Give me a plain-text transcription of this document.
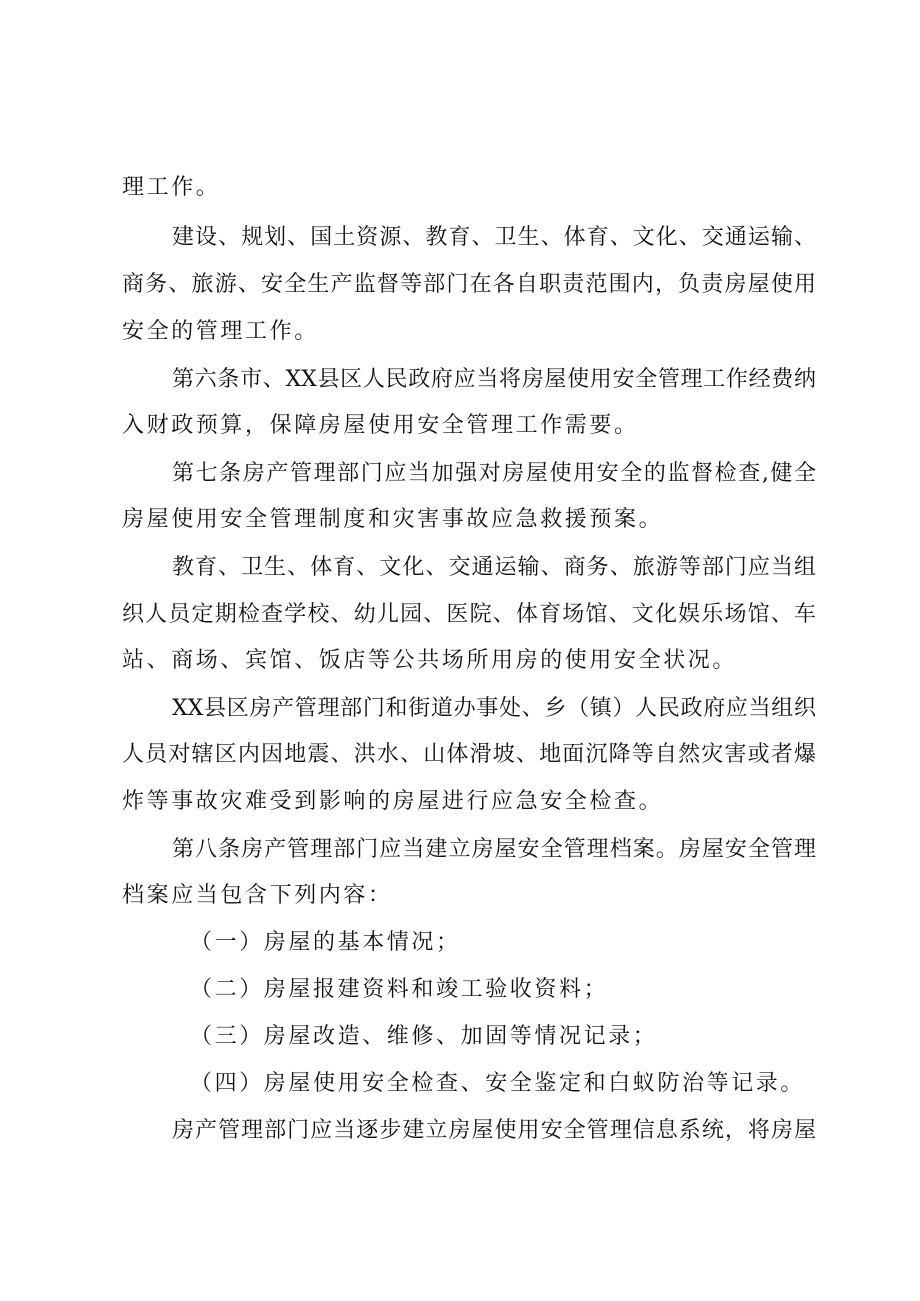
理工作。
建设、规划、国土资源、教育、卫生、体育、文化、交通运输、
商务、旅游、安全生产监督等部门在各自职责范围内，负责房屋使用
安全的管理工作。
第六条市、XX县区人民政府应当将房屋使用安全管理工作经费纳
入财政预算，保障房屋使用安全管理工作需要。
第七条房产管理部门应当加强对房屋使用安全的监督检查,健全
房屋使用安全管理制度和灾害事故应急救援预案。
教育、卫生、体育、文化、交通运输、商务、旅游等部门应当组
织人员定期检查学校、幼儿园、医院、体育场馆、文化娱乐场馆、车
站、商场、宾馆、饭店等公共场所用房的使用安全状况。
XX县区房产管理部门和街道办事处、乡（镇）人民政府应当组织
人员对辖区内因地震、洪水、山体滑坡、地面沉降等自然灾害或者爆
炸等事故灾难受到影响的房屋进行应急安全检查。
第八条房产管理部门应当建立房屋安全管理档案。房屋安全管理
档案应当包含下列内容：
（一）房屋的基本情况；
（二）房屋报建资料和竣工验收资料；
（三）房屋改造、维修、加固等情况记录；
（四）房屋使用安全检查、安全鉴定和白蚁防治等记录。
房产管理部门应当逐步建立房屋使用安全管理信息系统，将房屋
